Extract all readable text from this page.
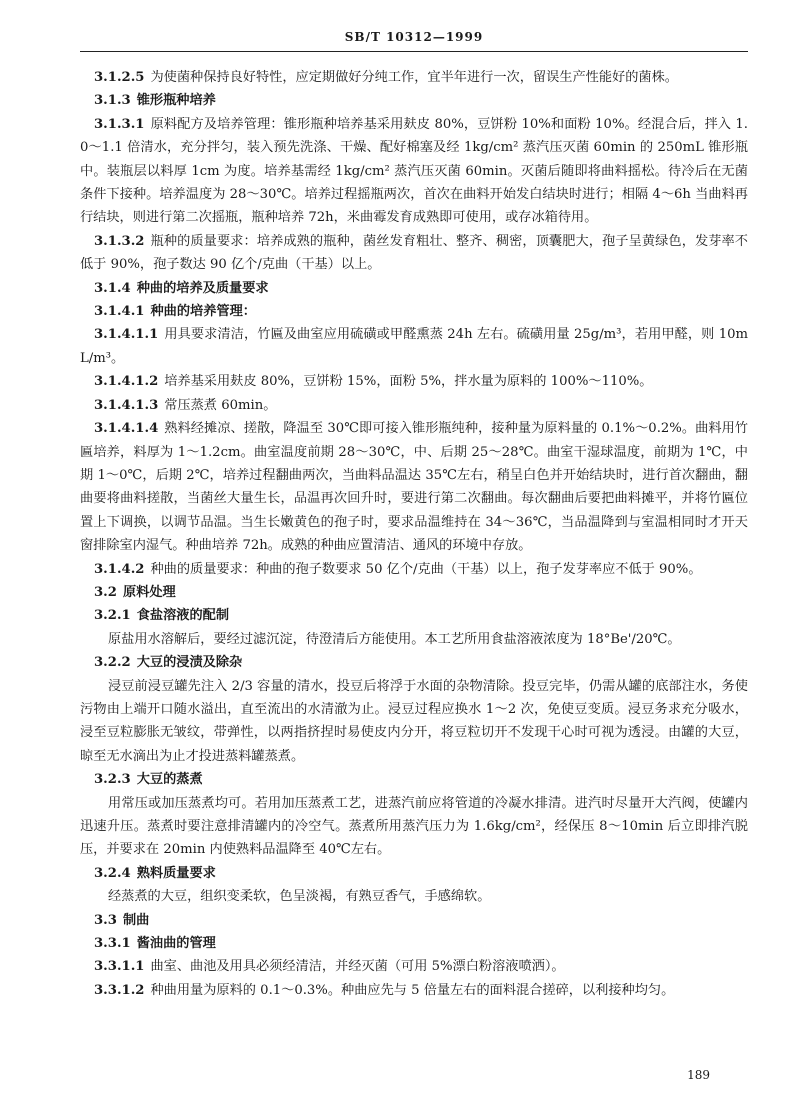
SB/T 10312—1999
3.1.2.5 为使菌种保持良好特性，应定期做好分纯工作，宜半年进行一次，留误生产性能好的菌株。
3.1.3 锥形瓶种培养
3.1.3.1 原料配方及培养管理：锥形瓶种培养基采用麸皮 80%，豆饼粉 10%和面粉 10%。经混合后，拌入 1.0～1.1 倍清水，充分拌匀，装入预先洗涤、干燥、配好棉塞及经 1kg/cm² 蒸汽压灭菌 60min 的 250mL 锥形瓶中。装瓶层以料厚 1cm 为度。培养基需经 1kg/cm² 蒸汽压灭菌 60min。灭菌后随即将曲料摇松。待冷后在无菌条件下接种。培养温度为 28～30℃。培养过程摇瓶两次，首次在曲料开始发白结块时进行；相隔 4～6h 当曲料再行结块，则进行第二次摇瓶，瓶种培养 72h，米曲霉发育成熟即可使用，或存冰箱待用。
3.1.3.2 瓶种的质量要求：培养成熟的瓶种，菌丝发育粗壮、整齐、稠密，顶囊肥大，孢子呈黄绿色，发芽率不低于 90%，孢子数达 90 亿个/克曲（干基）以上。
3.1.4 种曲的培养及质量要求
3.1.4.1 种曲的培养管理：
3.1.4.1.1 用具要求清洁，竹匾及曲室应用硫磺或甲醛熏蒸 24h 左右。硫磺用量 25g/m³，若用甲醛，则 10mL/m³。
3.1.4.1.2 培养基采用麸皮 80%，豆饼粉 15%，面粉 5%，拌水量为原料的 100%～110%。
3.1.4.1.3 常压蒸煮 60min。
3.1.4.1.4 熟料经摊凉、搓散，降温至 30℃即可接入锥形瓶纯种，接种量为原料量的 0.1%～0.2%。曲料用竹匾培养，料厚为 1～1.2cm。曲室温度前期 28～30℃，中、后期 25～28℃。曲室干湿球温度，前期为 1℃，中期 1～0℃，后期 2℃，培养过程翻曲两次，当曲料品温达 35℃左右，稍呈白色并开始结块时，进行首次翻曲，翻曲要将曲料搓散，当菌丝大量生长，品温再次回升时，要进行第二次翻曲。每次翻曲后要把曲料摊平，并将竹匾位置上下调换，以调节品温。当生长嫩黄色的孢子时，要求品温维持在 34～36℃，当品温降到与室温相同时才开天窗排除室内湿气。种曲培养 72h。成熟的种曲应置清洁、通风的环境中存放。
3.1.4.2 种曲的质量要求：种曲的孢子数要求 50 亿个/克曲（干基）以上，孢子发芽率应不低于 90%。
3.2 原料处理
3.2.1 食盐溶液的配制
原盐用水溶解后，要经过滤沉淀，待澄清后方能使用。本工艺所用食盐溶液浓度为 18°Be'/20℃。
3.2.2 大豆的浸渍及除杂
浸豆前浸豆罐先注入 2/3 容量的清水，投豆后将浮于水面的杂物清除。投豆完毕，仍需从罐的底部注水，务使污物由上端开口随水溢出，直至流出的水清澈为止。浸豆过程应换水 1～2 次，免使豆变质。浸豆务求充分吸水，浸至豆粒膨胀无皱纹，带弹性，以两指挤捏时易使皮内分开，将豆粒切开不发现干心时可视为透浸。由罐的大豆，晾至无水滴出为止才投进蒸料罐蒸煮。
3.2.3 大豆的蒸煮
用常压或加压蒸煮均可。若用加压蒸煮工艺，进蒸汽前应将管道的冷凝水排清。进汽时尽量开大汽阀，使罐内迅速升压。蒸煮时要注意排清罐内的冷空气。蒸煮所用蒸汽压力为 1.6kg/cm²，经保压 8～10min 后立即排汽脱压，并要求在 20min 内使熟料品温降至 40℃左右。
3.2.4 熟料质量要求
经蒸煮的大豆，组织变柔软，色呈淡褐，有熟豆香气，手感绵软。
3.3 制曲
3.3.1 酱油曲的管理
3.3.1.1 曲室、曲池及用具必须经清洁，并经灭菌（可用 5%漂白粉溶液喷洒）。
3.3.1.2 种曲用量为原料的 0.1～0.3%。种曲应先与 5 倍量左右的面料混合搓碎，以利接种均匀。
189
